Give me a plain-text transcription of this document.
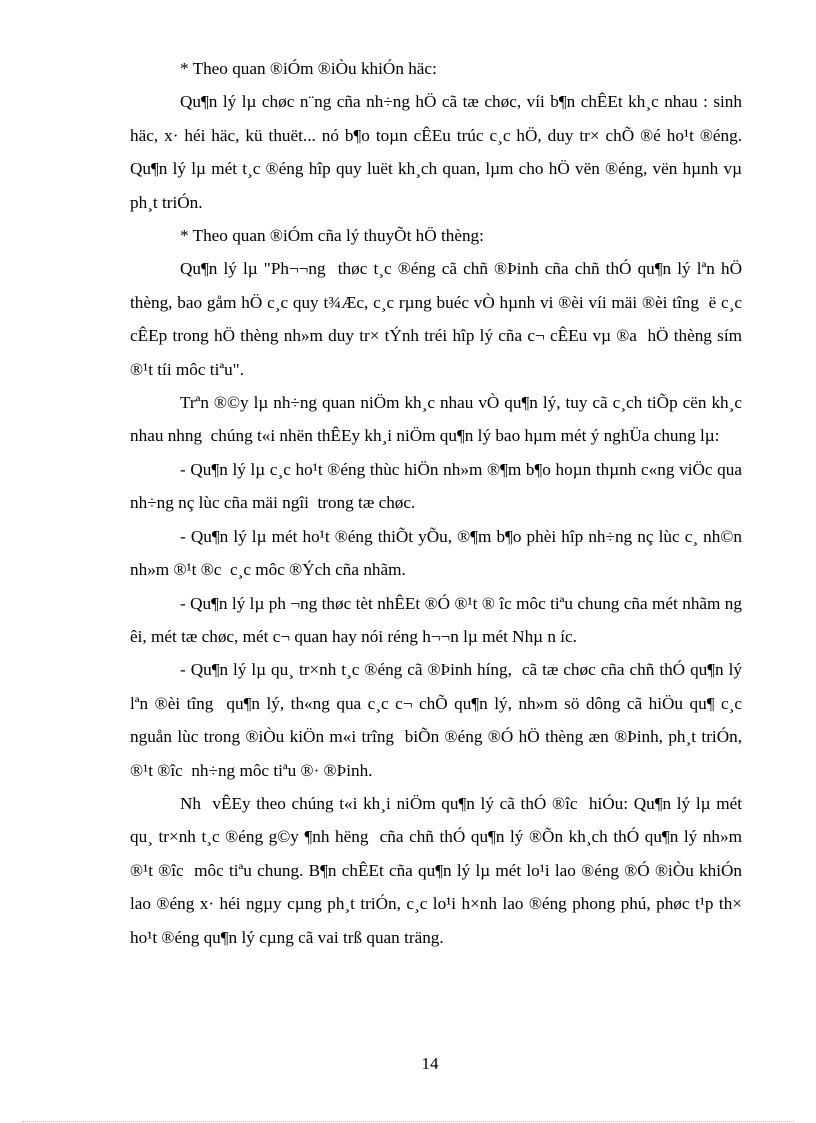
* Theo quan ®iÓm ®iÒu khiÓn häc:

Qu¶n lý lµ chøc n¨ng cña nh÷ng hÖ cã tæ chøc, víi b¶n chÊEt kh¸c nhau : sinh häc, x· héi häc, kü thuët... nó b¶o toµn cÊEu trúc c¸c hÖ, duy tr× chÕ ®é ho¹t ®éng. Qu¶n lý lµ mét t¸c ®éng hîp quy luët kh¸ch quan, lµm cho hÖ vën ®éng, vën hµnh vµ ph¸t triÓn.

* Theo quan ®iÓm cña lý thuyÕt hÖ thèng:

Qu¶n lý lµ "Ph¬¬ng  thøc t¸c ®éng cã chñ ®Þinh cña chñ thÓ qu¶n lý lªn hÖ thèng, bao gåm hÖ c¸c quy t¾Æc, c¸c rµng buéc vÒ hµnh vi ®èi víi mäi ®èi tîng  ë c¸c cÊEp trong hÖ thèng nh»m duy tr× tÝnh tréi hîp lý cña c¬ cÊEu vµ ®a  hÖ thèng sím ®¹t tíi môc tiªu".

Trªn ®©y lµ nh÷ng quan niÖm kh¸c nhau vÒ qu¶n lý, tuy cã c¸ch tiÕp cën kh¸c nhau nhng  chúng t«i nhën thÊEy kh¸i niÖm qu¶n lý bao hµm mét ý nghÜa chung lµ:

- Qu¶n lý lµ c¸c ho¹t ®éng thùc hiÖn nh»m ®¶m b¶o hoµn thµnh c«ng viÖc qua nh÷ng nç lùc cña mäi ngîi  trong tæ chøc.

- Qu¶n lý lµ mét ho¹t ®éng thiÕt yÕu, ®¶m b¶o phèi hîp nh÷ng nç lùc c¸ nh©n nh»m ®¹t ®c  c¸c môc ®Ých cña nhãm.

- Qu¶n lý lµ ph ¬ng thøc tèt nhÊEt ®Ó ®¹t ® îc môc tiªu chung cña mét nhãm ng êi, mét tæ chøc, mét c¬ quan hay nói réng h¬¬n lµ mét Nhµ n íc.

- Qu¶n lý lµ qu¸ tr×nh t¸c ®éng cã ®Þinh híng,  cã tæ chøc cña chñ thÓ qu¶n lý lªn ®èi tîng  qu¶n lý, th«ng qua c¸c c¬ chÕ qu¶n lý, nh»m sö dông cã hiÖu qu¶ c¸c nguån lùc trong ®iÒu kiÖn m«i trîng  biÕn ®éng ®Ó hÖ thèng æn ®Þinh, ph¸t triÓn, ®¹t ®îc  nh÷ng môc tiªu ®· ®Þinh.

Nh  vÊEy theo chúng t«i kh¸i niÖm qu¶n lý cã thÓ ®îc  hiÓu: Qu¶n lý lµ mét qu¸ tr×nh t¸c ®éng g©y ¶nh hëng  cña chñ thÓ qu¶n lý ®Õn kh¸ch thÓ qu¶n lý nh»m ®¹t ®îc  môc tiªu chung. B¶n chÊEt cña qu¶n lý lµ mét lo¹i lao ®éng ®Ó ®iÒu khiÓn lao ®éng x· héi ngµy cµng ph¸t triÓn, c¸c lo¹i h×nh lao ®éng phong phú, phøc t¹p th× ho¹t ®éng qu¶n lý cµng cã vai trß quan träng.

14
